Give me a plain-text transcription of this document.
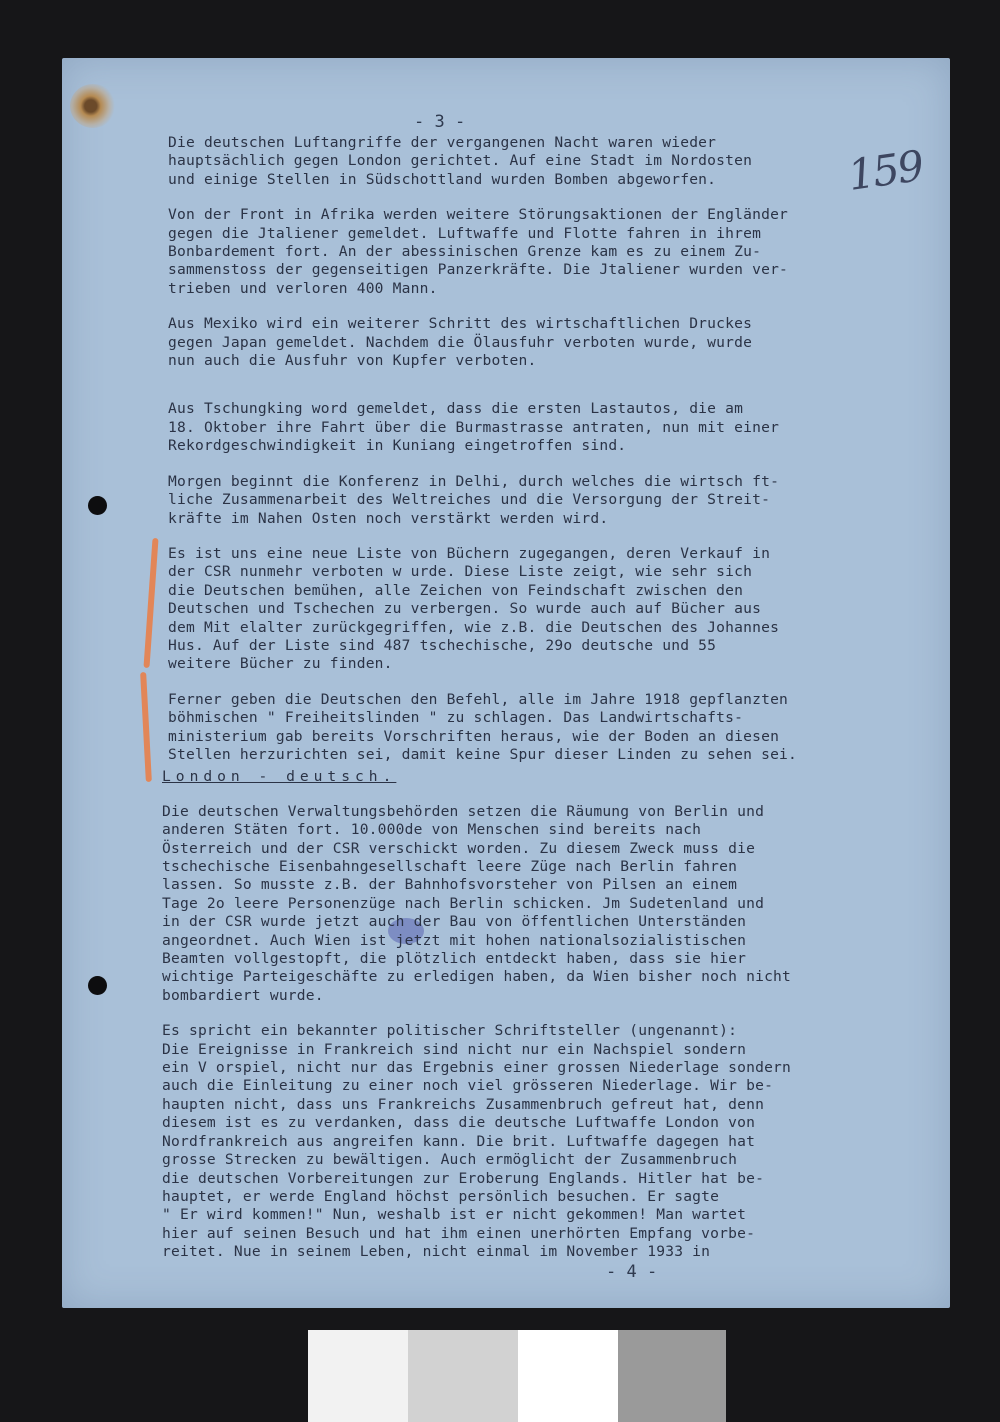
- 3 -
159

Die deutschen Luftangriffe der vergangenen Nacht waren wieder
hauptsächlich gegen London gerichtet. Auf eine Stadt im Nordosten
und einige Stellen in Südschottland wurden Bomben abgeworfen.

Von der Front in Afrika werden weitere Störungsaktionen der Engländer
gegen die Jtaliener gemeldet. Luftwaffe und Flotte fahren in ihrem
Bonbardement fort. An der abessinischen Grenze kam es zu einem Zu-
sammenstoss der gegenseitigen Panzerkräfte. Die Jtaliener wurden ver-
trieben und verloren 400 Mann.

Aus Mexiko wird ein weiterer Schritt des wirtschaftlichen Druckes
gegen Japan gemeldet. Nachdem die Ölausfuhr verboten wurde, wurde
nun auch die Ausfuhr von Kupfer verboten.

Aus Tschungking word gemeldet, dass die ersten Lastautos, die am
18. Oktober ihre Fahrt über die Burmastrasse antraten, nun mit einer
Rekordgeschwindigkeit in Kuniang eingetroffen sind.

Morgen beginnt die Konferenz in Delhi, durch welches die wirtsch ft-
liche Zusammenarbeit des Weltreiches und die Versorgung der Streit-
kräfte im Nahen Osten noch verstärkt werden wird.

Es ist uns eine neue Liste von Büchern zugegangen, deren Verkauf in
der CSR nunmehr verboten w urde. Diese Liste zeigt, wie sehr sich
die Deutschen bemühen, alle Zeichen von Feindschaft zwischen den
Deutschen und Tschechen zu verbergen. So wurde auch auf Bücher aus
dem Mit elalter zurückgegriffen, wie z.B. die Deutschen des Johannes
Hus. Auf der Liste sind 487 tschechische, 29o deutsche und 55
weitere Bücher zu finden.

Ferner geben die Deutschen den Befehl, alle im Jahre 1918 gepflanzten
böhmischen " Freiheitslinden " zu schlagen. Das Landwirtschafts-
ministerium gab bereits Vorschriften heraus, wie der Boden an diesen
Stellen herzurichten sei, damit keine Spur dieser Linden zu sehen sei.

London - deutsch.

Die deutschen Verwaltungsbehörden setzen die Räumung von Berlin und
anderen Stäten fort. 10.000de von Menschen sind bereits nach
Österreich und der CSR verschickt worden. Zu diesem Zweck muss die
tschechische Eisenbahngesellschaft leere Züge nach Berlin fahren
lassen. So musste z.B. der Bahnhofsvorsteher von Pilsen an einem
Tage 2o leere Personenzüge nach Berlin schicken. Jm Sudetenland und
in der CSR wurde jetzt auch der Bau von öffentlichen Unterständen
angeordnet. Auch Wien ist jetzt mit hohen nationalsozialistischen
Beamten vollgestopft, die plötzlich entdeckt haben, dass sie hier
wichtige Parteigeschäfte zu erledigen haben, da Wien bisher noch nicht
bombardiert wurde.

Es spricht ein bekannter politischer Schriftsteller (ungenannt):
Die Ereignisse in Frankreich sind nicht nur ein Nachspiel sondern
ein V orspiel, nicht nur das Ergebnis einer grossen Niederlage sondern
auch die Einleitung zu einer noch viel grösseren Niederlage. Wir be-
haupten nicht, dass uns Frankreichs Zusammenbruch gefreut hat, denn
diesem ist es zu verdanken, dass die deutsche Luftwaffe London von
Nordfrankreich aus angreifen kann. Die brit. Luftwaffe dagegen hat
grosse Strecken zu bewältigen. Auch ermöglicht der Zusammenbruch
die deutschen Vorbereitungen zur Eroberung Englands. Hitler hat be-
hauptet, er werde England höchst persönlich besuchen. Er sagte
" Er wird kommen!" Nun, weshalb ist er nicht gekommen! Man wartet
hier auf seinen Besuch und hat ihm einen unerhörten Empfang vorbe-
reitet. Nue in seinem Leben, nicht einmal im November 1933 in

- 4 -
